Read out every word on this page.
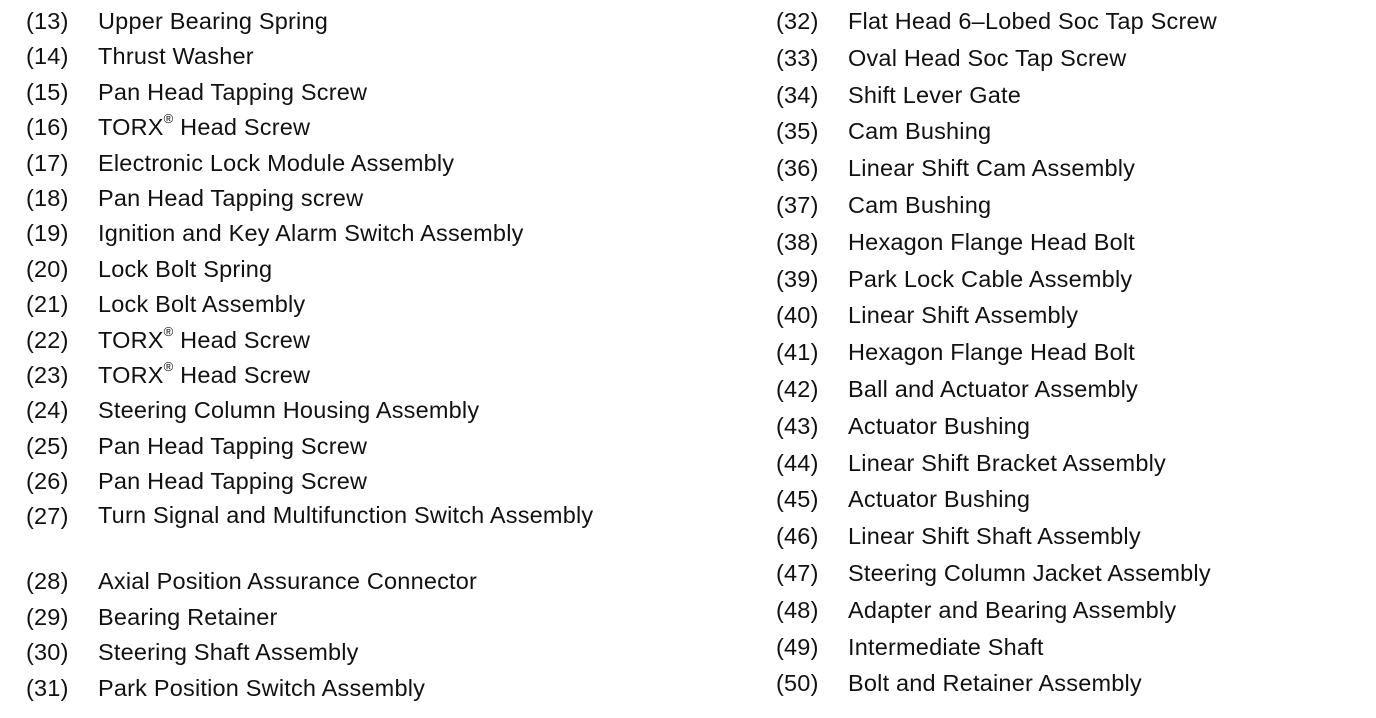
(13)	Upper Bearing Spring
(14)	Thrust Washer
(15)	Pan Head Tapping Screw
(16)	TORX® Head Screw
(17)	Electronic Lock Module Assembly
(18)	Pan Head Tapping screw
(19)	Ignition and Key Alarm Switch Assembly
(20)	Lock Bolt Spring
(21)	Lock Bolt Assembly
(22)	TORX® Head Screw
(23)	TORX® Head Screw
(24)	Steering Column Housing Assembly
(25)	Pan Head Tapping Screw
(26)	Pan Head Tapping Screw
(27)	Turn Signal and Multifunction Switch Assembly
(28)	Axial Position Assurance Connector
(29)	Bearing Retainer
(30)	Steering Shaft Assembly
(31)	Park Position Switch Assembly
(32)	Flat Head 6–Lobed Soc Tap Screw
(33)	Oval Head Soc Tap Screw
(34)	Shift Lever Gate
(35)	Cam Bushing
(36)	Linear Shift Cam Assembly
(37)	Cam Bushing
(38)	Hexagon Flange Head Bolt
(39)	Park Lock Cable Assembly
(40)	Linear Shift Assembly
(41)	Hexagon Flange Head Bolt
(42)	Ball and Actuator Assembly
(43)	Actuator Bushing
(44)	Linear Shift Bracket Assembly
(45)	Actuator Bushing
(46)	Linear Shift Shaft Assembly
(47)	Steering Column Jacket Assembly
(48)	Adapter and Bearing Assembly
(49)	Intermediate Shaft
(50)	Bolt and Retainer Assembly
